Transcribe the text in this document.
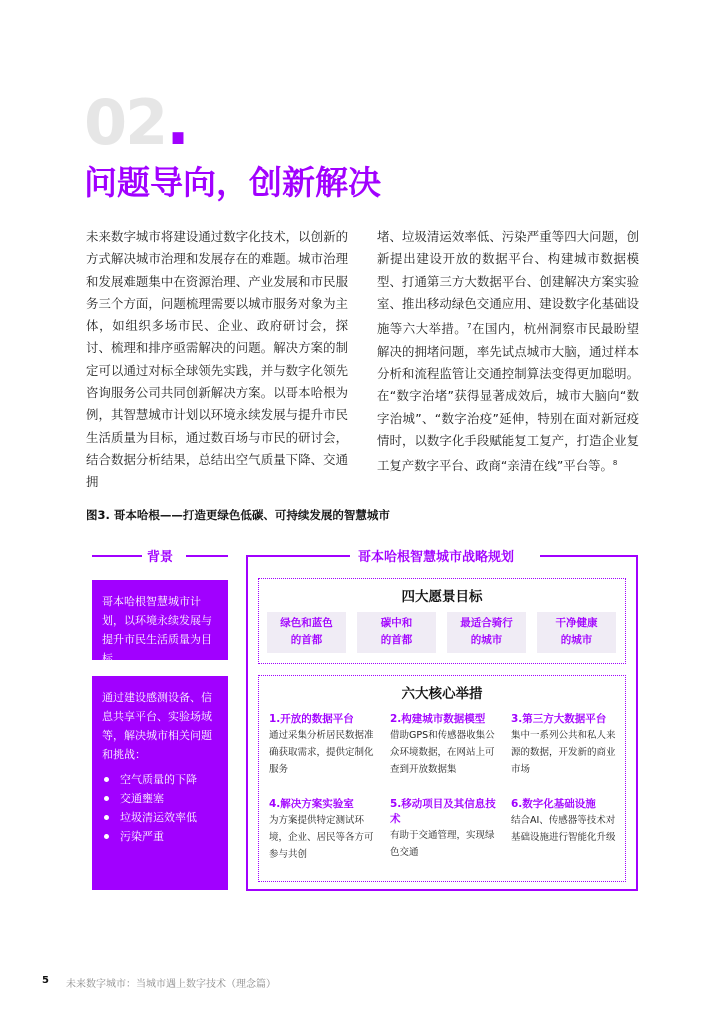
02.
问题导向，创新解决
未来数字城市将建设通过数字化技术，以创新的方式解决城市治理和发展存在的难题。城市治理和发展难题集中在资源治理、产业发展和市民服务三个方面，问题梳理需要以城市服务对象为主体，如组织多场市民、企业、政府研讨会，探讨、梳理和排序亟需解决的问题。解决方案的制定可以通过对标全球领先实践，并与数字化领先咨询服务公司共同创新解决方案。以哥本哈根为例，其智慧城市计划以环境永续发展与提升市民生活质量为目标，通过数百场与市民的研讨会，结合数据分析结果，总结出空气质量下降、交通拥
堵、垃圾清运效率低、污染严重等四大问题，创新提出建设开放的数据平台、构建城市数据模型、打通第三方大数据平台、创建解决方案实验室、推出移动绿色交通应用、建设数字化基础设施等六大举措。$^7$在国内，杭州洞察市民最盼望解决的拥堵问题，率先试点城市大脑，通过样本分析和流程监管让交通控制算法变得更加聪明。在“数字治堵”获得显著成效后，城市大脑向“数字治城”、“数字治疫”延伸，特别在面对新冠疫情时，以数字化手段赋能复工复产，打造企业复工复产数字平台、政商“亲清在线”平台等。$^8$
图3. 哥本哈根——打造更绿色低碳、可持续发展的智慧城市
背景	哥本哈根智慧城市战略规划
哥本哈根智慧城市计划，以环境永续发展与提升市民生活质量为目标
通过建设感测设备、信息共享平台、实验场域等，解决城市相关问题和挑战：
空气质量的下降
交通壅塞
垃圾清运效率低
污染严重
四大愿景目标
绿色和蓝色
的首都
碳中和
的首都
最适合骑行
的城市
干净健康
的城市
六大核心举措
1.开放的数据平台
通过采集分析居民数据准确获取需求，提供定制化服务
2.构建城市数据模型
借助GPS和传感器收集公众环境数据，在网站上可查到开放数据集
3.第三方大数据平台
集中一系列公共和私人来源的数据，开发新的商业市场
4.解决方案实验室
为方案提供特定测试环境，企业、居民等各方可参与共创
5.移动项目及其信息技术
有助于交通管理，实现绿色交通
6.数字化基础设施
结合AI、传感器等技术对基础设施进行智能化升级
5 未来数字城市：当城市遇上数字技术（理念篇）
